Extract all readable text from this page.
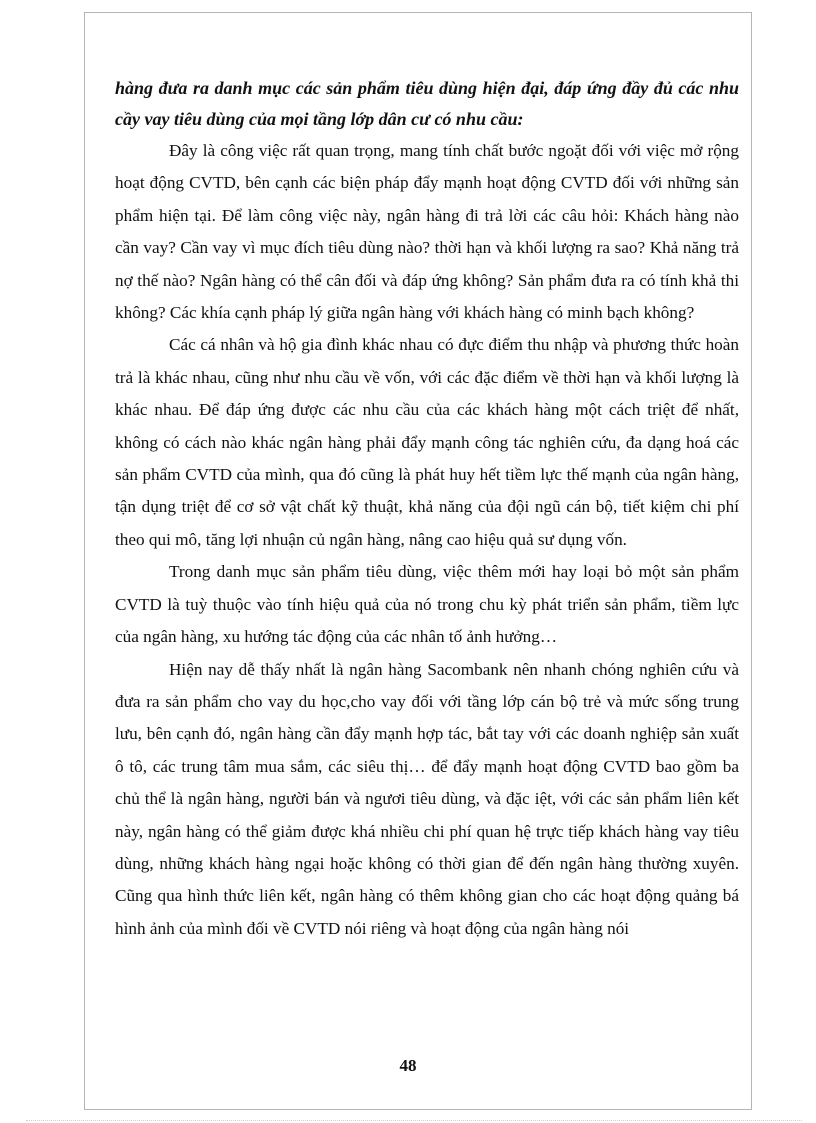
hàng đưa ra danh mục các sản phẩm tiêu dùng hiện đại, đáp ứng đầy đủ các nhu cầy vay tiêu dùng của mọi tầng lớp dân cư có nhu cầu:

Đây là công việc rất quan trọng, mang tính chất bước ngoặt đối với việc mở rộng hoạt động CVTD, bên cạnh các biện pháp đẩy mạnh hoạt động CVTD đối với những sản phẩm hiện tại. Để làm công việc này, ngân hàng đi trả lời các câu hỏi: Khách hàng nào cần vay? Cần vay vì mục đích tiêu dùng nào? thời hạn và khối lượng ra sao? Khả năng trả nợ thế nào? Ngân hàng có thể cân đối và đáp ứng không? Sản phẩm đưa ra có tính khả thi không? Các khía cạnh pháp lý giữa ngân hàng với khách hàng có minh bạch không?

Các cá nhân và hộ gia đình khác nhau có đực điểm thu nhập và phương thức hoàn trả là khác nhau, cũng như nhu cầu về vốn, với các đặc điểm về thời hạn và khối lượng là khác nhau. Để đáp ứng được các nhu cầu của các khách hàng một cách triệt để nhất, không có cách nào khác ngân hàng phải đẩy mạnh công tác nghiên cứu, đa dạng hoá các sản phẩm CVTD của mình, qua đó cũng là phát huy hết tiềm lực thế mạnh của ngân hàng, tận dụng triệt để cơ sở vật chất kỹ thuật, khả năng của đội ngũ cán bộ, tiết kiệm chi phí theo qui mô, tăng lợi nhuận củ ngân hàng, nâng cao hiệu quả sư dụng vốn.

Trong danh mục sản phẩm tiêu dùng, việc thêm mới hay loại bỏ một sản phẩm CVTD là tuỳ thuộc vào tính hiệu quả của nó trong chu kỳ phát triển sản phẩm, tiềm lực của ngân hàng, xu hướng tác động của các nhân tố ảnh hưởng…

Hiện nay dễ thấy nhất là ngân hàng Sacombank nên nhanh chóng nghiên cứu và đưa ra sản phẩm cho vay du học,cho vay đối với tầng lớp cán bộ trẻ và mức sống trung lưu, bên cạnh đó, ngân hàng cần đẩy mạnh hợp tác, bắt tay với các doanh nghiệp sản xuất ô tô, các trung tâm mua sắm, các siêu thị… để đẩy mạnh hoạt động CVTD bao gồm ba chủ thể là ngân hàng, người bán và ngươi tiêu dùng, và đặc iệt, với các sản phẩm liên kết này, ngân hàng có thể giảm được khá nhiều chi phí quan hệ trực tiếp khách hàng vay tiêu dùng, những khách hàng ngại hoặc không có thời gian để đến ngân hàng thường xuyên. Cũng qua hình thức liên kết, ngân hàng có thêm không gian cho các hoạt động quảng bá hình ảnh của mình đối về CVTD nói riêng và hoạt động của ngân hàng nói

48
